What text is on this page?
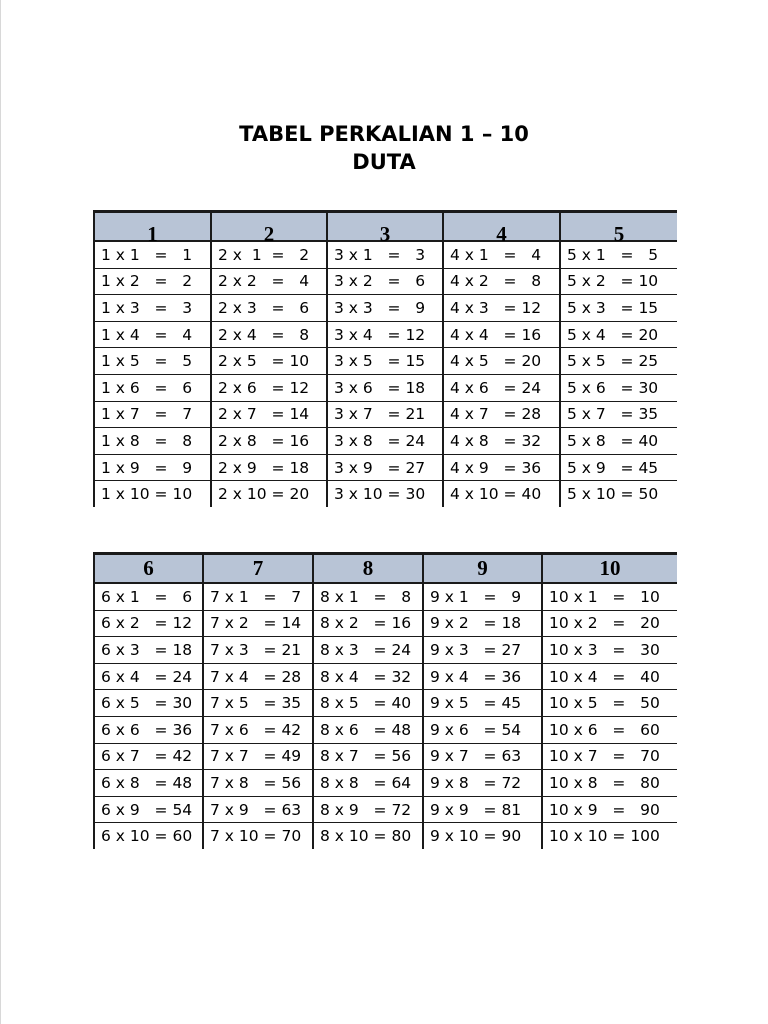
TABEL PERKALIAN 1 – 10
DUTA
1	2	3	4	5
1 x 1   =   1	2 x  1  =   2	3 x 1   =   3	4 x 1   =   4	5 x 1   =   5
1 x 2   =   2	2 x 2   =   4	3 x 2   =   6	4 x 2   =   8	5 x 2   = 10
1 x 3   =   3	2 x 3   =   6	3 x 3   =   9	4 x 3   = 12	5 x 3   = 15
1 x 4   =   4	2 x 4   =   8	3 x 4   = 12	4 x 4   = 16	5 x 4   = 20
1 x 5   =   5	2 x 5   = 10	3 x 5   = 15	4 x 5   = 20	5 x 5   = 25
1 x 6   =   6	2 x 6   = 12	3 x 6   = 18	4 x 6   = 24	5 x 6   = 30
1 x 7   =   7	2 x 7   = 14	3 x 7   = 21	4 x 7   = 28	5 x 7   = 35
1 x 8   =   8	2 x 8   = 16	3 x 8   = 24	4 x 8   = 32	5 x 8   = 40
1 x 9   =   9	2 x 9   = 18	3 x 9   = 27	4 x 9   = 36	5 x 9   = 45
1 x 10 = 10	2 x 10 = 20	3 x 10 = 30	4 x 10 = 40	5 x 10 = 50
6	7	8	9	10
6 x 1   =   6	7 x 1   =   7	8 x 1   =   8	9 x 1   =   9	10 x 1   =   10
6 x 2   = 12	7 x 2   = 14	8 x 2   = 16	9 x 2   = 18	10 x 2   =   20
6 x 3   = 18	7 x 3   = 21	8 x 3   = 24	9 x 3   = 27	10 x 3   =   30
6 x 4   = 24	7 x 4   = 28	8 x 4   = 32	9 x 4   = 36	10 x 4   =   40
6 x 5   = 30	7 x 5   = 35	8 x 5   = 40	9 x 5   = 45	10 x 5   =   50
6 x 6   = 36	7 x 6   = 42	8 x 6   = 48	9 x 6   = 54	10 x 6   =   60
6 x 7   = 42	7 x 7   = 49	8 x 7   = 56	9 x 7   = 63	10 x 7   =   70
6 x 8   = 48	7 x 8   = 56	8 x 8   = 64	9 x 8   = 72	10 x 8   =   80
6 x 9   = 54	7 x 9   = 63	8 x 9   = 72	9 x 9   = 81	10 x 9   =   90
6 x 10 = 60	7 x 10 = 70	8 x 10 = 80	9 x 10 = 90	10 x 10 = 100
